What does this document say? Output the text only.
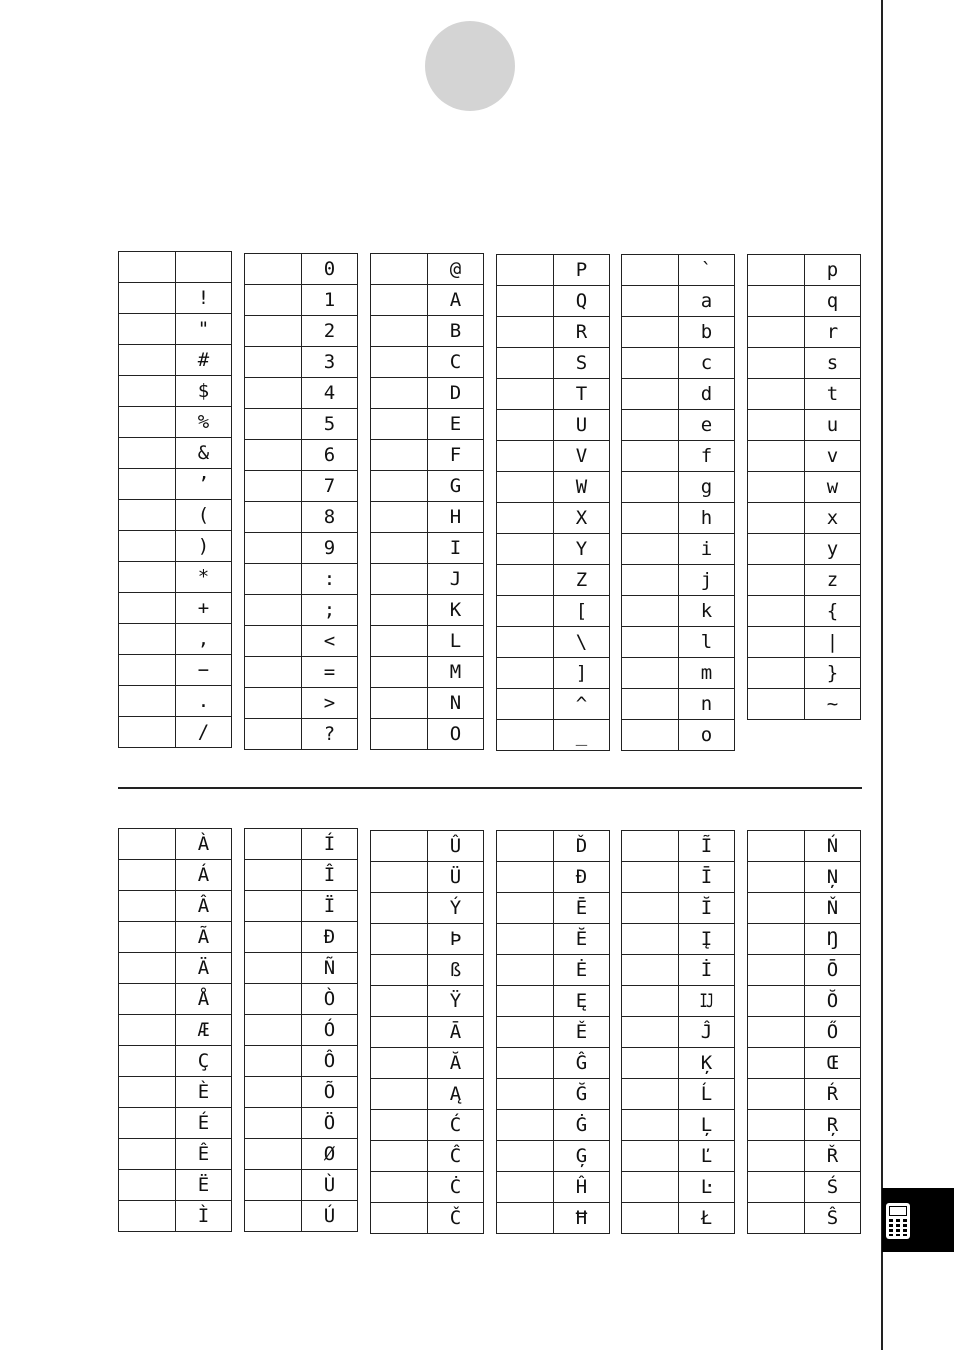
	!
	"
	#
	$
	%
	&
	’
	(
	)
	*
	+
	,
	−
	.
	/
	0
	1
	2
	3
	4
	5
	6
	7
	8
	9
	:
	;
	<
	=
	>
	?
	@
	A
	B
	C
	D
	E
	F
	G
	H
	I
	J
	K
	L
	M
	N
	O
	P
	Q
	R
	S
	T
	U
	V
	W
	X
	Y
	Z
	[
	\
	]
	^
	_
	`
	a
	b
	c
	d
	e
	f
	g
	h
	i
	j
	k
	l
	m
	n
	o
	p
	q
	r
	s
	t
	u
	v
	w
	x
	y
	z
	{
	|
	}
	~
	À
	Á
	Â
	Ã
	Ä
	Å
	Æ
	Ç
	È
	É
	Ê
	Ë
	Ì
	Í
	Î
	Ï
	Ð
	Ñ
	Ò
	Ó
	Ô
	Õ
	Ö
	Ø
	Ù
	Ú
	Û
	Ü
	Ý
	Þ
	ß
	Ÿ
	Ā
	Ă
	Ą
	Ć
	Ĉ
	Ċ
	Č
	Ď
	Đ
	Ē
	Ĕ
	Ė
	Ę
	Ě
	Ĝ
	Ğ
	Ġ
	Ģ
	Ĥ
	Ħ
	Ĩ
	Ī
	Ĭ
	Į
	İ
	Ĳ
	Ĵ
	Ķ
	Ĺ
	Ļ
	Ľ
	Ŀ
	Ł
	Ń
	Ņ
	Ň
	Ŋ
	Ō
	Ŏ
	Ő
	Œ
	Ŕ
	Ŗ
	Ř
	Ś
	Ŝ
